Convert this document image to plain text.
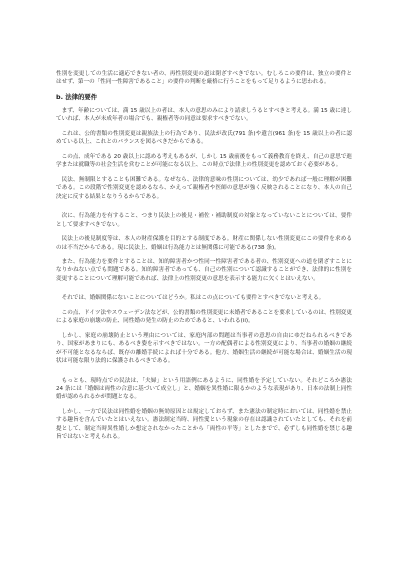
性別を変更しての生活に適応できない者の、再性別変更の道は閉ざすべきでない。むしろこの要件は、独立の要件とはせず、第一の「性同一性障害であること」の要件の判断を厳格に行うことをもって足りるように思われる。

b. 法律的要件

まず、年齢については、満 15 歳以上の者は、本人の意思のみにより請求しうるとすべきと考える。満 15 歳に達していれば、本人が未成年者の場合でも、親権者等の同意は要求すべきでない。

これは、公的書類の性別変更は親族法上の行為であり、民法が改氏(791 条)や遺言(961 条)を 15 歳以上の者に認めている以上、これとのバランスを図るべきだからである。

この点、成年である 20 歳以上に認める考えもあるが、しかし 15 歳前後をもって義務教育を終え、自己の意思で進学または就職等の社会生活を営むことが可能になる以上、この時点で法律上の性別変更を認めておく必要がある。

民法、無制限とすることも困難である。なぜなら、法律的意味の性別については、幼少であれば一般に理解が困難である。この段階で性別変更を認めるなら、かえって親権者や医師の意思が強く反映されることになり、本人の自己決定に反する結果となりうるからである。

次に、行為能力を有すること、つまり民法上の後見・補佐・補助制度の対象となっていないことについては、要件として要求すべきでない。

民法上の後見制度等は、本人の財産保護を目的とする制度である。財産に関係しない性別変更にこの要件を求めるのは不当だからである。現に民法上、婚姻は行為能力とは無関係に可能である(738 条)。

また、行為能力を要件とすることは、知的障害者かつ性同一性障害者である者の、性別変更への道を閉ざすことになりかねない点でも問題である。知的障害者であっても、自己の性別について認識することができ、法律的に性別を変更することについて理解可能であれば、法律上の性別変更の意思を表示する能力に欠くとはいえない。

それでは、婚姻関係にないことについてはどうか。私はこの点についても要件とすべきでないと考える。

この点、ドイツ法やスウェーデン法などが、公的書類の性別変更に未婚者であることを要求しているのは、性別変更による家庭の崩壊の防止、同性婚の発生の防止のためであると、いわれる(ii)。

しかし、家庭の崩壊防止という理由については、家庭内部の問題は当事者の意思の自由にゆだねられるべきであり、国家があまりにも、あるべき姿を示すべきではない。一方の配偶者による性別変更により、当事者の婚姻の継続が不可能となるならば、既存の離婚手続によれば十分である。他方、婚姻生活の継続が可能な場合は、婚姻生活の現状は可能な限り法的に保護されるべきである。

もっとも、現時点での民法は、「夫婦」という用語例にあるように、同性婚を予定していない。それどころか憲法 24 条には「婚姻は両性の合意に基づいて成立し」と、婚姻を異性婚に限るかのような表現があり、日本の法制上同性婚が認められるかが問題となる。

しかし、一方で民法は同性婚を婚姻の無効原因とは規定しておらず、また憲法の制定時においては、同性婚を禁止する趣旨を含んでいたとはいえない。憲法制定当時、同性愛という現象の存在は認識されていたとしても、それを前提として、制定当時異性婚しか想定されなかったことから「両性の平等」としたまでで、必ずしも同性婚を禁じる趣旨ではないと考えられる。
